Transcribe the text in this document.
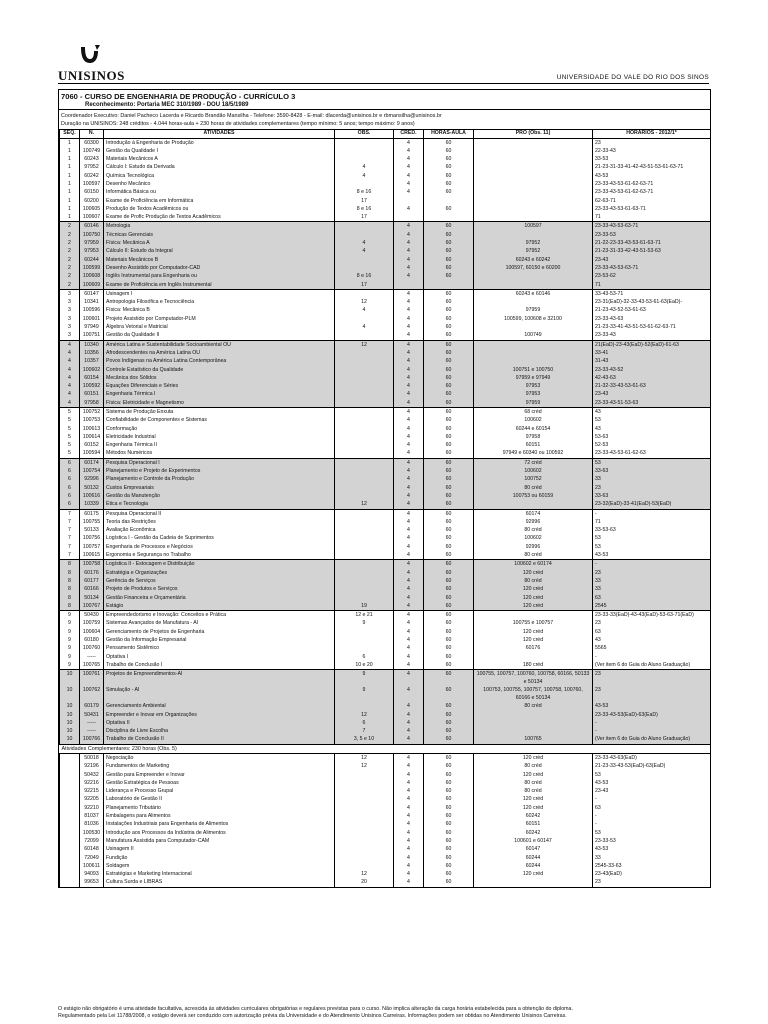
UNISINOS	UNIVERSIDADE DO VALE DO RIO DOS SINOS
7060 - CURSO DE ENGENHARIA DE PRODUÇÃO - CURRÍCULO 3
Reconhecimento: Portaria MEC 310/1989 - DOU 18/5/1989
Coordenador Executivo: Daniel Pacheco Lacerda e Ricardo Brandão Mansilha - Telefone: 3590-8428 - E-mail: dlacerda@unisinos.br e rbmansilha@unisinos.br
Duração na UNISINOS: 248 créditos - 4.044 horas-aula + 230 horas de atividades complementares (tempo mínimo: 5 anos; tempo máximo: 9 anos)
SEQ.	N.	ATIVIDADES	OBS.	CRED.	HORAS-AULA	PRO (Obs. 11)	HORÁRIOS - 2012/1*
1	60300	Introdução à Engenharia de Produção		4	60		23
1	100749	Gestão da Qualidade I		4	60		22-33-43
1	60243	Materiais Mecânicos A		4	60		33-53
1	97952	Cálculo I: Estudo da Derivada	4	4	60		21-23-31-33-41-42-43-51-53-61-63-71
1	60242	Química Tecnológica	4	4	60		43-53
1	100597	Desenho Mecânico		4	60		23-33-43-53-61-62-63-71
1	60150	Informática Básica ou	8 e 16	4	60		23-33-43-53-61-62-63-71
1	60200	Exame de Proficiência em Informática	17				62-63-71
1	100605	Produção de Textos Acadêmicos ou	8 e 16	4	60		23-33-43-53-61-63-71
1	100607	Exame de Profic Produção de Textos Acadêmicos	17				71
2	60146	Metrologia		4	60	100597	23-33-43-53-63-71
2	100750	Técnicas Gerenciais		4	60		23-33-53
2	97959	Física: Mecânica A	4	4	60	97952	21-22-23-33-43-53-61-63-71
2	97953	Cálculo II: Estudo da Integral	4	4	60	97952	21-23-31-33-42-43-51-53-63
2	60244	Materiais Mecânicos B		4	60	60243 e 60242	23-43
2	100599	Desenho Assistido por Computador-CAD		4	60	100597, 60150 e 60200	23-33-43-53-63-71
2	100608	Inglês Instrumental para Engenharia ou	8 e 16	4	60		23-53-62
2	100609	Exame de Proficiência em Inglês Instrumental	17				71
3	60147	Usinagem I		4	60	60243 e 60146	33-43-53-71
3	10341	Antropologia Filosófica e Tecnociência	12	4	60		23-31(EaD)-32-33-43-53-61-63(EaD)-
3	100596	Física: Mecânica B	4	4	60	97959	21-23-43-52-53-61-63
3	100601	Projeto Assistido por Computador-PLM		4	60	100599, 100608 e 32100	23-33-43-63
3	97949	Álgebra Vetorial e Matricial	4	4	60		21-23-33-41-43-51-53-61-62-63-71
3	100751	Gestão da Qualidade II		4	60	100749	23-33-43
4	10340	América Latina e Sustentabilidade Socioambiental OU	12	4	60		21(EaD)-23-43(EaD)-52(EaD)-61-63
4	10356	Afrodescendentes na América Latina OU		4	60		33-41
4	10357	Povos Indígenas na América Latina Contemporânea		4	60		31-43
4	100602	Controle Estatístico da Qualidade		4	60	100751 e 100750	23-33-43-52
4	60154	Mecânica dos Sólidos		4	60	97959 e 97949	42-43-63
4	100592	Equações Diferenciais e Séries		4	60	97953	21-32-33-43-53-61-63
4	60151	Engenharia Térmica I		4	60	97953	23-43
4	97958	Física: Eletricidade e Magnetismo		4	60	97959	23-33-43-51-53-63
5	100752	Sistema de Produção Enxuta		4	60	68 créd	43
5	100753	Confiabilidade de Componentes e Sistemas		4	60	100602	53
5	100613	Conformação		4	60	60244 e 60154	43
5	100614	Eletricidade Industrial		4	60	97958	53-63
5	60152	Engenharia Térmica II		4	60	60151	52-53
5	100594	Métodos Numéricos		4	60	97949 e 60340 ou 100592	23-33-43-53-61-62-63
6	60174	Pesquisa Operacional I		4	60	72 créd	53
6	100754	Planejamento e Projeto de Experimentos		4	60	100602	33-63
6	92996	Planejamento e Controle da Produção		4	60	100752	33
6	50132	Custos Empresariais		4	60	80 créd	23
6	100616	Gestão da Manutenção		4	60	100753 ou 60159	33-63
6	10339	Ética e Tecnologia	12	4	60		23-32(EaD)-33-41(EaD)-53(EaD)
7	60175	Pesquisa Operacional II		4	60	60174	-
7	100755	Teoria das Restrições		4	60	92996	71
7	50133	Avaliação Econômica		4	60	80 créd	33-53-63
7	100756	Logística I - Gestão da Cadeia de Suprimentos		4	60	100602	53
7	100757	Engenharia de Processos e Negócios		4	60	92996	53
7	100615	Ergonomia e Segurança no Trabalho		4	60	80 créd	43-53
8	100758	Logística II - Estocagem e Distribuição		4	60	100602 e 60174	-
8	60176	Estratégia e Organizações		4	60	120 créd	23
8	60177	Gerência de Serviços		4	60	80 créd	33
8	60166	Projeto de Produtos e Serviços		4	60	120 créd	33
8	50134	Gestão Financeira e Orçamentária		4	60	120 créd	63
8	100767	Estágio	19	4	60	120 créd	2545
9	50430	Empreendedorismo e Inovação: Conceitos e Prática	12 e 21	4	60		23-33-33(EaD)-43-43(EaD)-53-63-71(EaD)
9	100759	Sistemas Avançados de Manufatura - AI	9	4	60	100755 e 100757	23
9	100604	Gerenciamento de Projetos de Engenharia		4	60	120 créd	63
9	60180	Gestão da Informação Empresarial		4	60	120 créd	43
9	100760	Pensamento Sistêmico		4	60	60176	5565
9	-----	Optativa I	6	4	60		-
9	100765	Trabalho de Conclusão I	10 e 20	4	60	180 créd	(Ver item 6 do Guia do Aluno Graduação)
10	100761	Projetos de Empreendimentos-AI	9	4	60	100755, 100757, 100760, 100758, 60166, 50133 e 50134	23
10	100762	Simulação - AI	9	4	60	100753, 100755, 100757, 100758, 100760, 60166 e 50134	23
10	60179	Gerenciamento Ambiental		4	60	80 créd	43-53
10	50431	Empreender e Inovar em Organizações	12	4	60		23-33-43-53(EaD)-63(EaD)
10	-----	Optativa II	6	4	60		-
10	-----	Disciplina de Livre Escolha	7	4	60		-
10	100766	Trabalho de Conclusão II	3, 5 e 10	4	60	100765	(Ver item 6 do Guia do Aluno Graduação)
Atividades Complementares: 230 horas (Obs. 5)							
	50018	Negociação	12	4	60	120 créd	23-33-43-63(EaD)
	92196	Fundamentos de Marketing	12	4	60	80 créd	21-23-33-43-53(EaD)-63(EaD)
	50432	Gestão para Empreender e Inovar		4	60	120 créd	53
	92216	Gestão Estratégica de Pessoas		4	60	80 créd	43-53
	92215	Liderança e Processo Grupal		4	60	80 créd	23-43
	92205	Laboratório de Gestão II		4	60	120 créd	-
	92210	Planejamento Tributário		4	60	120 créd	63
	81037	Embalagens para Alimentos		4	60	60242	-
	81036	Instalações Industriais para Engenharia de Alimentos		4	60	60151	-
	100530	Introdução aos Processos da Indústria de Alimentos		4	60	60242	53
	72099	Manufatura Assistida para Computador-CAM		4	60	100601 e 60147	23-33-53
	60148	Usinagem II		4	60	60147	43-53
	72049	Fundição		4	60	60244	33
	100611	Soldagem		4	60	60244	2545-33-63
	94093	Estratégias e Marketing Internacional	12	4	60	120 créd	23-43(EaD)
	99653	Cultura Surda e LIBRAS	20	4	60		23
O estágio não obrigatório é uma atividade facultativa, acrescida às atividades curriculares obrigatórias e regulares previstas para o curso. Não implica alteração da carga horária estabelecida para a obtenção do diploma.
Regulamentado pela Lei 11788/2008, o estágio deverá ser conduzido com autorização prévia da Universidade e do Atendimento Unisinos Carreiras. Informações podem ser obtidas no Atendimento Unisinos Carreiras.
